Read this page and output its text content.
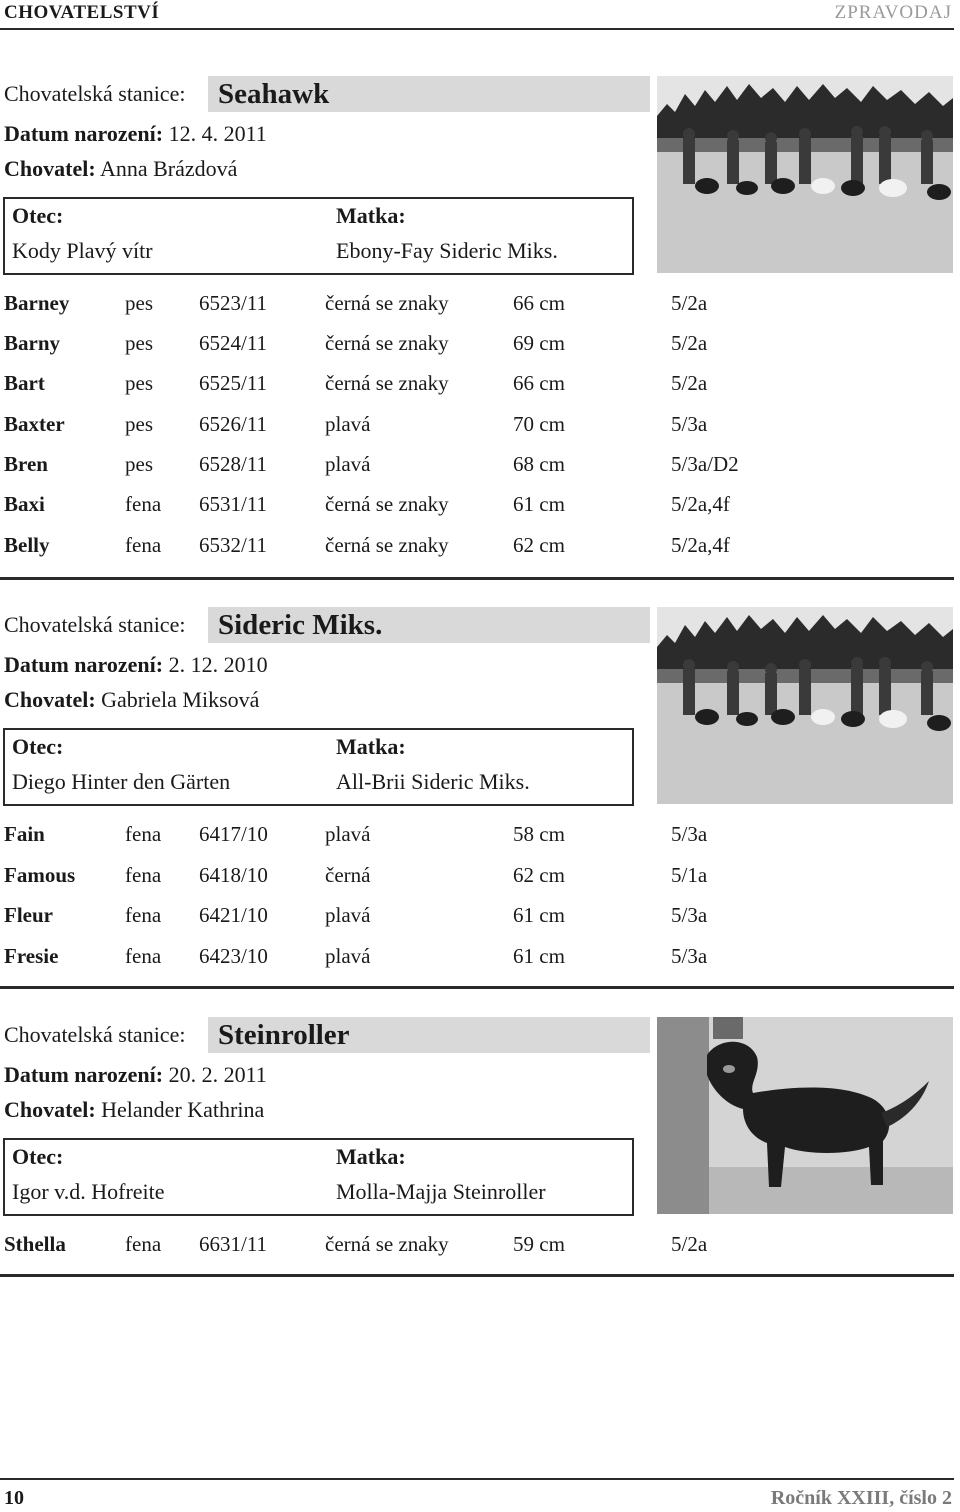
CHOVATELSTVÍ	ZPRAVODAJ
Chovatelská stanice: Seahawk
Datum narození: 12. 4. 2011
Chovatel: Anna Brázdová
Otec:	Matka:
Kody Plavý vítr	Ebony-Fay Sideric Miks.
Barney	pes 6523/11	černá se znaky	66 cm	5/2a
Barny	pes 6524/11	černá se znaky	69 cm	5/2a
Bart	pes 6525/11	černá se znaky	66 cm	5/2a
Baxter	pes 6526/11	plavá	70 cm	5/3a
Bren	pes 6528/11	plavá	68 cm	5/3a/D2
Baxi	fena 6531/11	černá se znaky	61 cm	5/2a,4f
Belly	fena 6532/11	černá se znaky	62 cm	5/2a,4f
Chovatelská stanice: Sideric Miks.
Datum narození: 2. 12. 2010
Chovatel: Gabriela Miksová
Otec:	Matka:
Diego Hinter den Gärten	All-Brii Sideric Miks.
Fain	fena 6417/10	plavá	58 cm	5/3a
Famous fena 6418/10	černá	62 cm	5/1a
Fleur	fena 6421/10	plavá	61 cm	5/3a
Fresie	fena 6423/10	plavá	61 cm	5/3a
Chovatelská stanice: Steinroller
Datum narození: 20. 2. 2011
Chovatel: Helander Kathrina
Otec:	Matka:
Igor v.d. Hofreite	Molla-Majja Steinroller
Sthella	fena 6631/11	černá se znaky	59 cm	5/2a
10	Ročník XXIII, číslo 2
